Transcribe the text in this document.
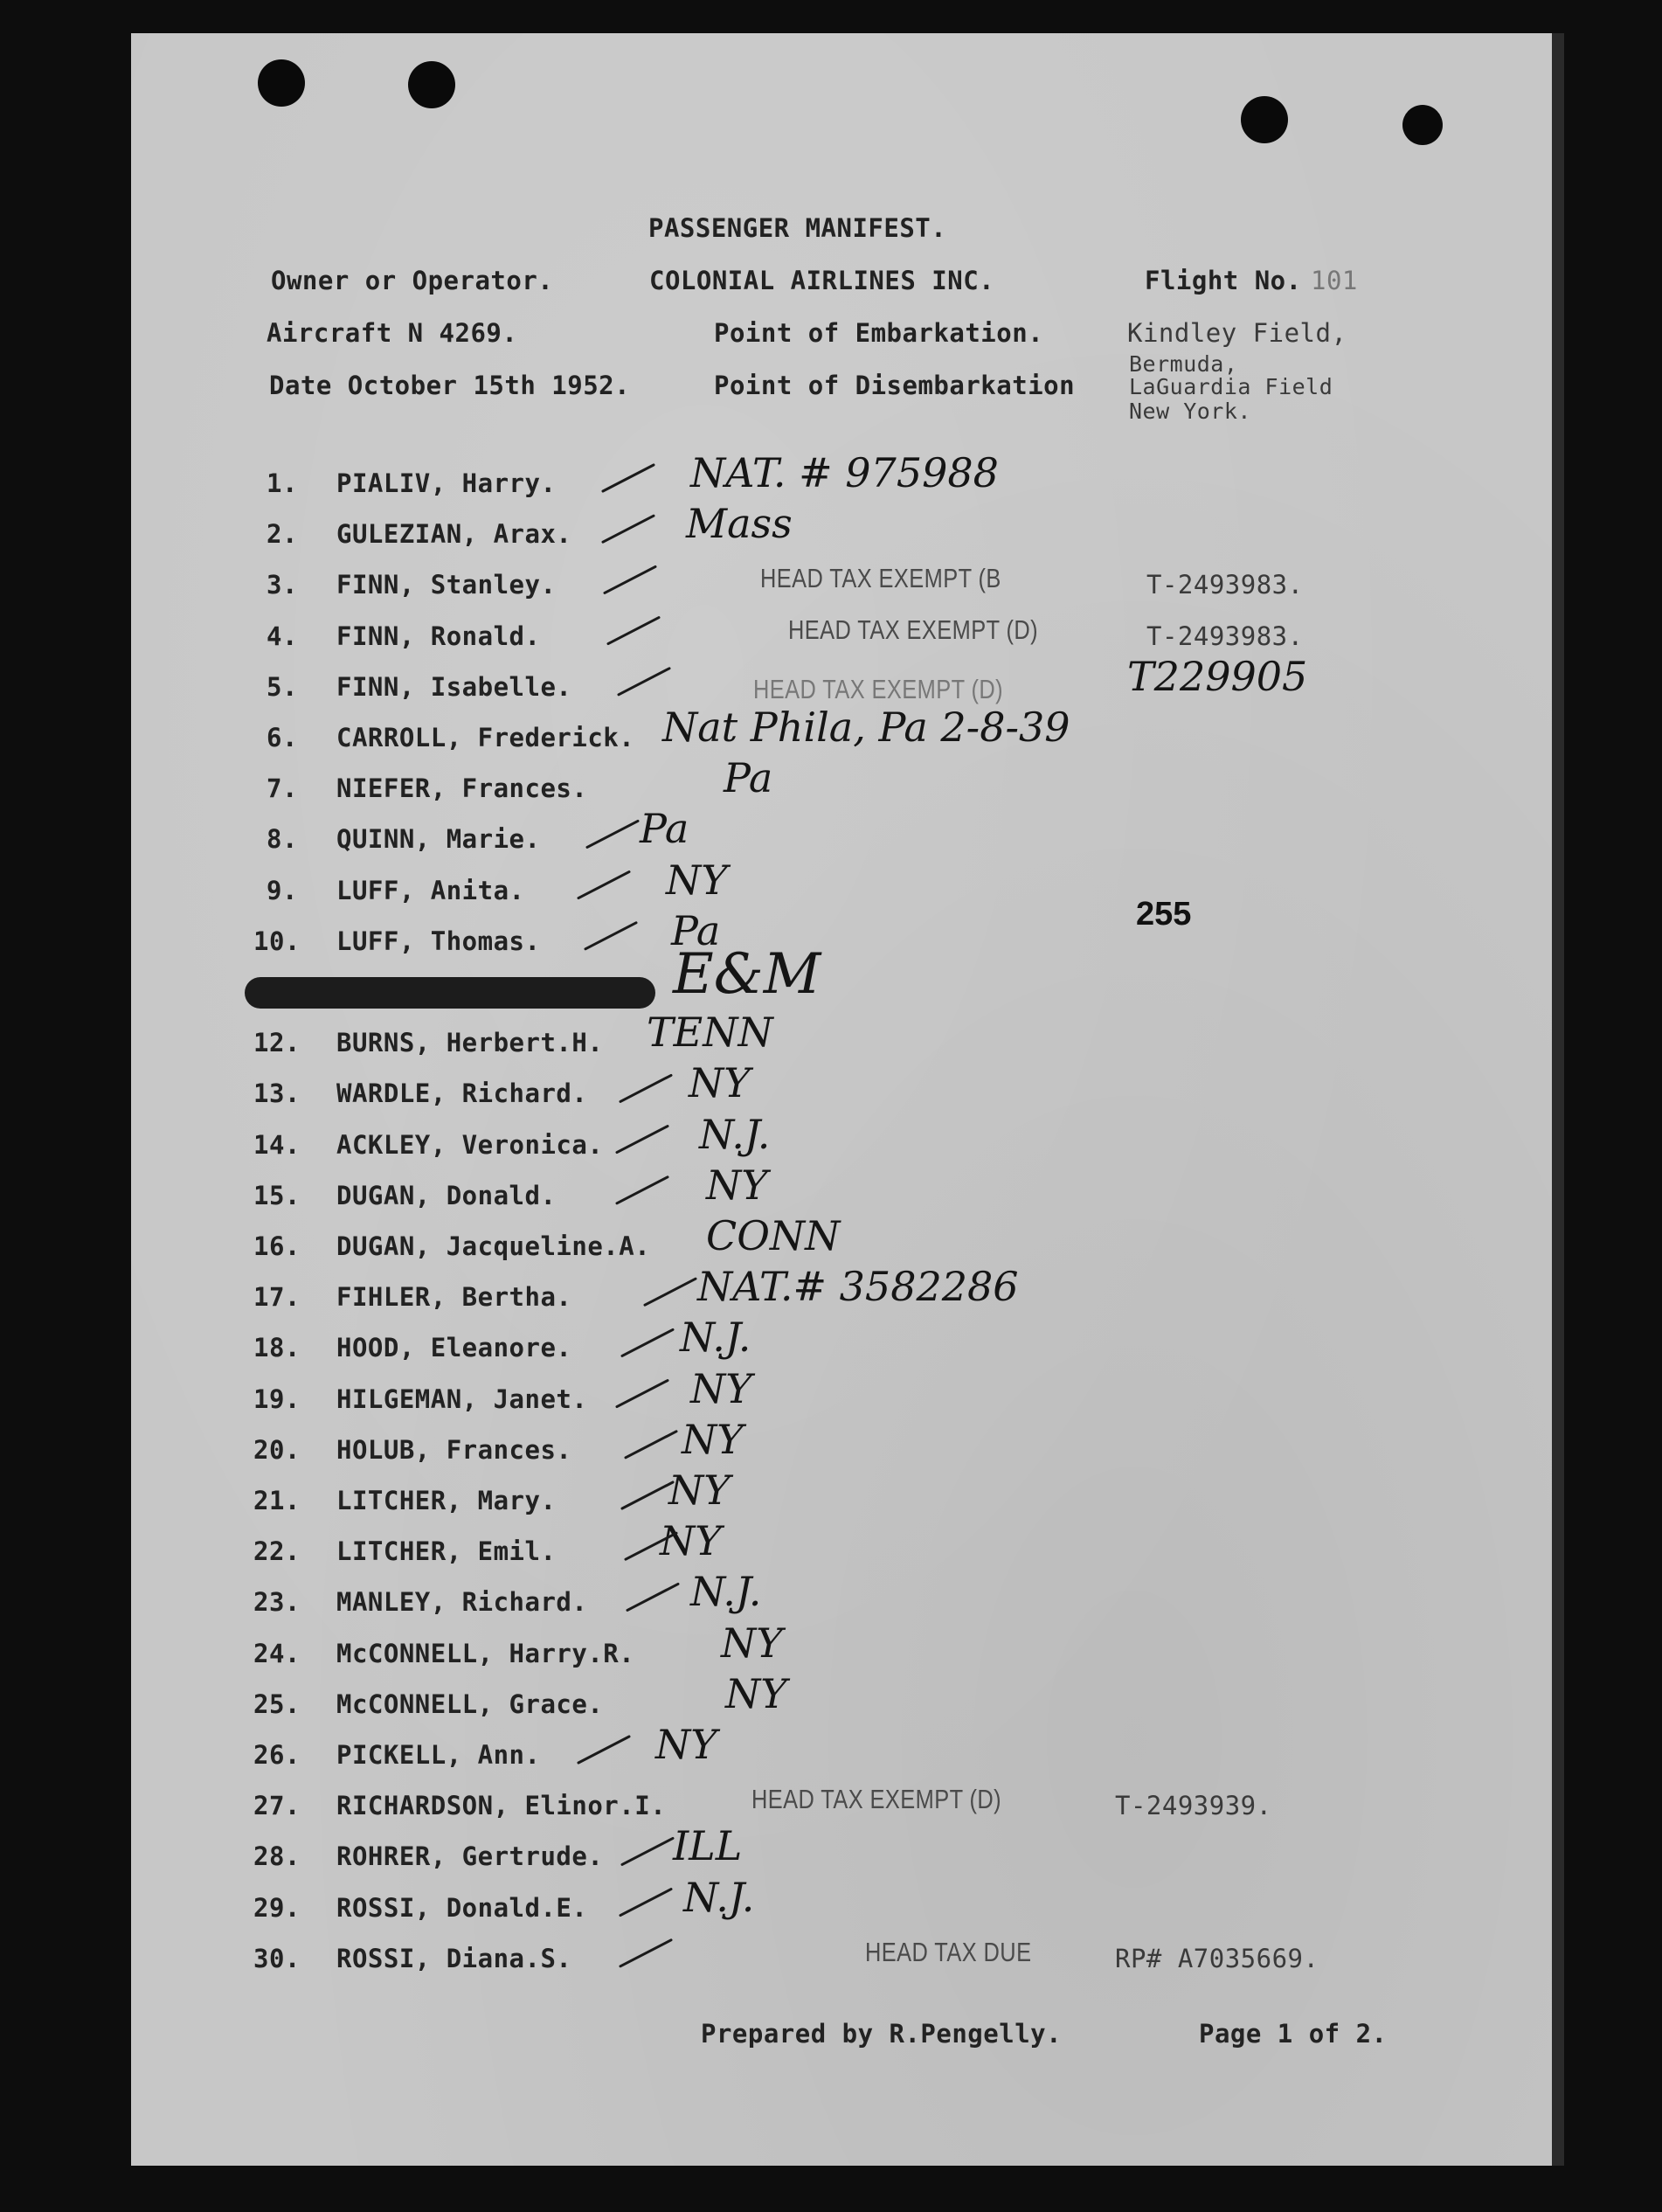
PASSENGER MANIFEST.
Owner or Operator.	COLONIAL AIRLINES INC.	Flight No. 101
Aircraft N 4269.	Point of Embarkation.	Kindley Field,
Bermuda,
Date October 15th 1952.	Point of Disembarkation LaGuardia Field
New York.
1. PIALIV, Harry.	NAT. # 975988
2. GULEZIAN, Arax.	Mass
3. FINN, Stanley.	HEAD TAX EXEMPT (B	T-2493983.
4. FINN, Ronald.	HEAD TAX EXEMPT (D)	T-2493983.
5. FINN, Isabelle.	HEAD TAX EXEMPT (D)	T229905
6. CARROLL, Frederick. Nat Phila, Pa 2-8-39
7. NIEFER, Frances.	Pa
8. QUINN, Marie. Pa
9. LUFF, Anita.	NY
10. LUFF, Thomas.	Pa
E&M
12. BURNS, Herbert.H. TENN
13. WARDLE, Richard.	NY
14. ACKLEY, Veronica. N.J.
15. DUGAN, Donald.	NY
16. DUGAN, Jacqueline.A. CONN
17. FIHLER, Bertha.	NAT.# 3582286
18. HOOD, Eleanore.	N.J.
19. HILGEMAN, Janet.	NY
20. HOLUB, Frances.	NY
21. LITCHER, Mary.	NY
22. LITCHER, Emil.	NY
23. MANLEY, Richard.	N.J.
24. McCONNELL, Harry.R. NY
25. McCONNELL, Grace.	NY
26. PICKELL, Ann.	NY
27. RICHARDSON, Elinor.I.	HEAD TAX EXEMPT (D)	T-2493939.
28. ROHRER, Gertrude. ILL
29. ROSSI, Donald.E. N.J.
30. ROSSI, Diana.S.	HEAD TAX DUE	RP# A7035669.
255
Prepared by R.Pengelly.	Page 1 of 2.
